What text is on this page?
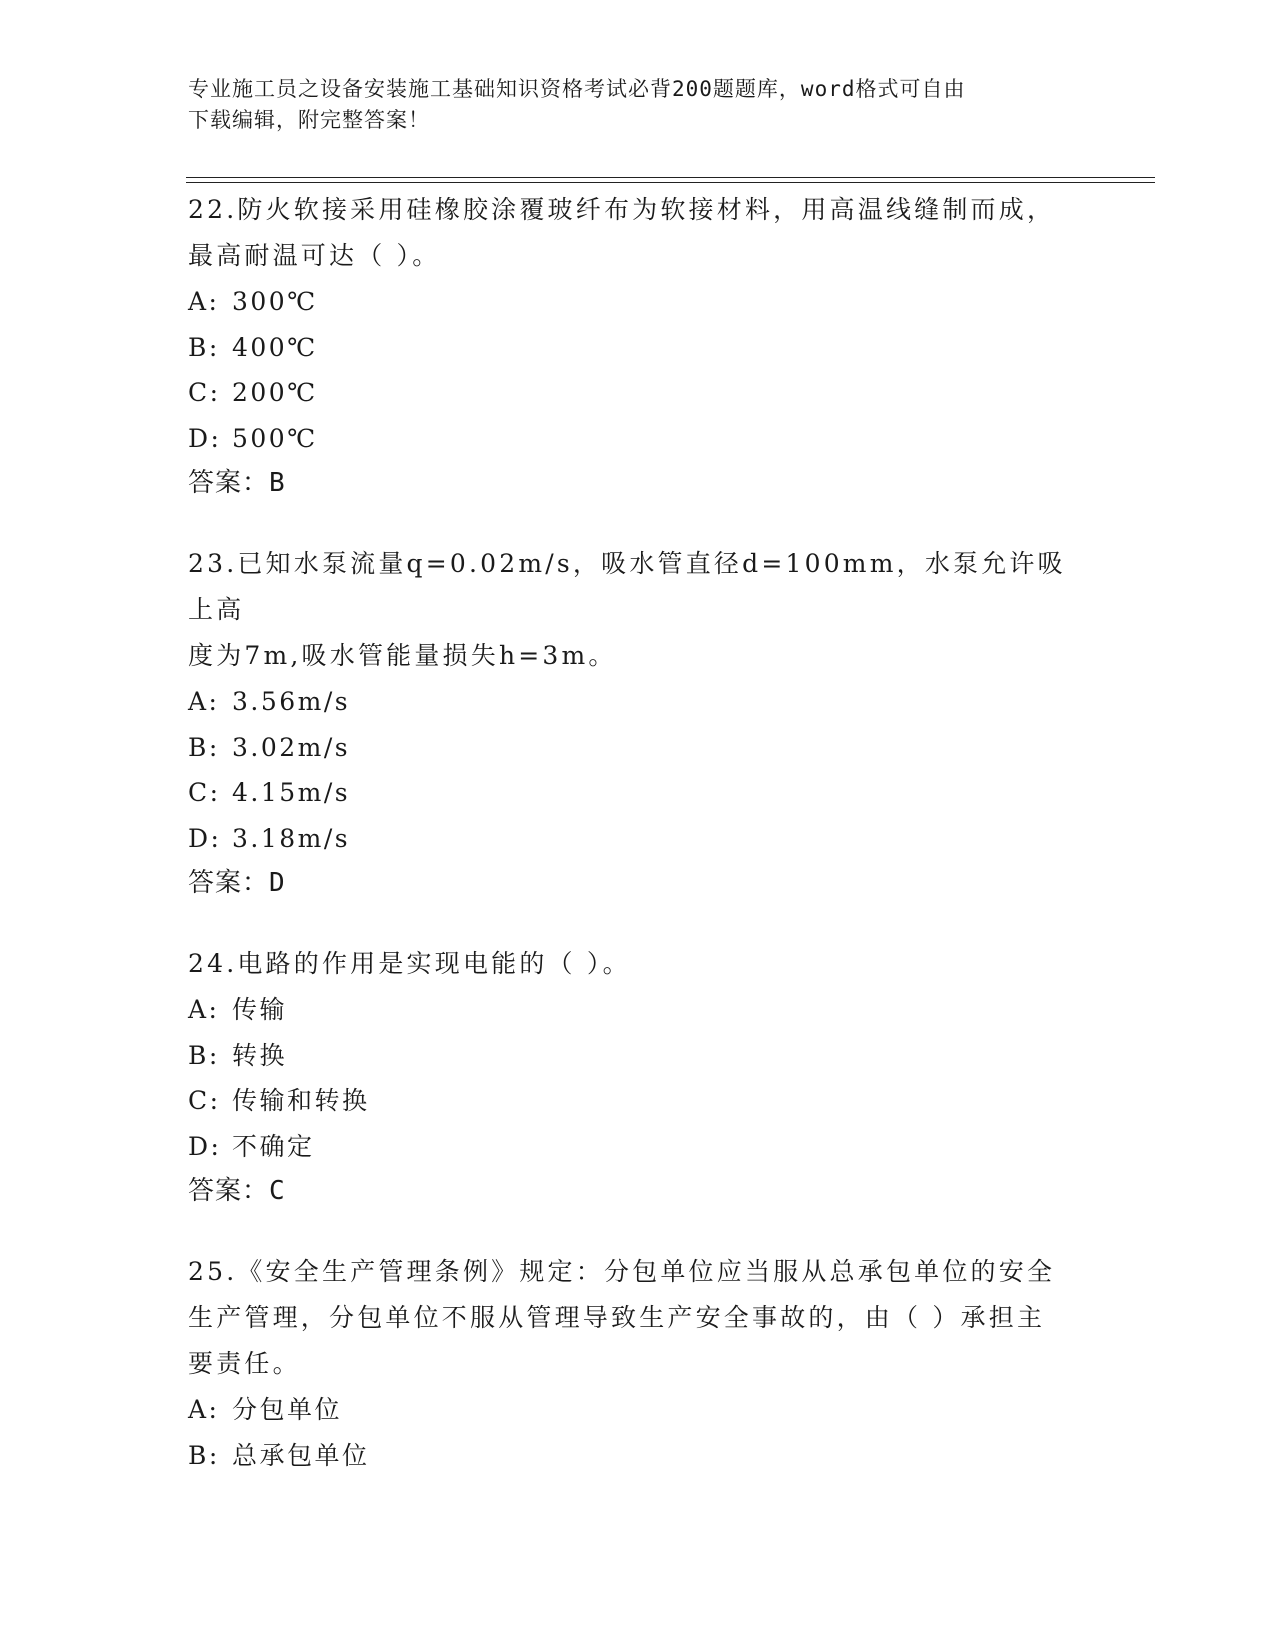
专业施工员之设备安装施工基础知识资格考试必背200题题库，word格式可自由
下载编辑，附完整答案！
22.防火软接采用硅橡胶涂覆玻纤布为软接材料，用高温线缝制而成，
最高耐温可达（ ）。
A: 300℃
B: 400℃
C: 200℃
D: 500℃
答案：B
23.已知水泵流量q=0.02m/s，吸水管直径d=100mm，水泵允许吸上高
度为7m,吸水管能量损失h=3m。
A: 3.56m/s
B: 3.02m/s
C: 4.15m/s
D: 3.18m/s
答案：D
24.电路的作用是实现电能的（ ）。
A: 传输
B: 转换
C: 传输和转换
D: 不确定
答案：C
25.《安全生产管理条例》规定：分包单位应当服从总承包单位的安全
生产管理，分包单位不服从管理导致生产安全事故的，由（ ）承担主
要责任。
A: 分包单位
B: 总承包单位
